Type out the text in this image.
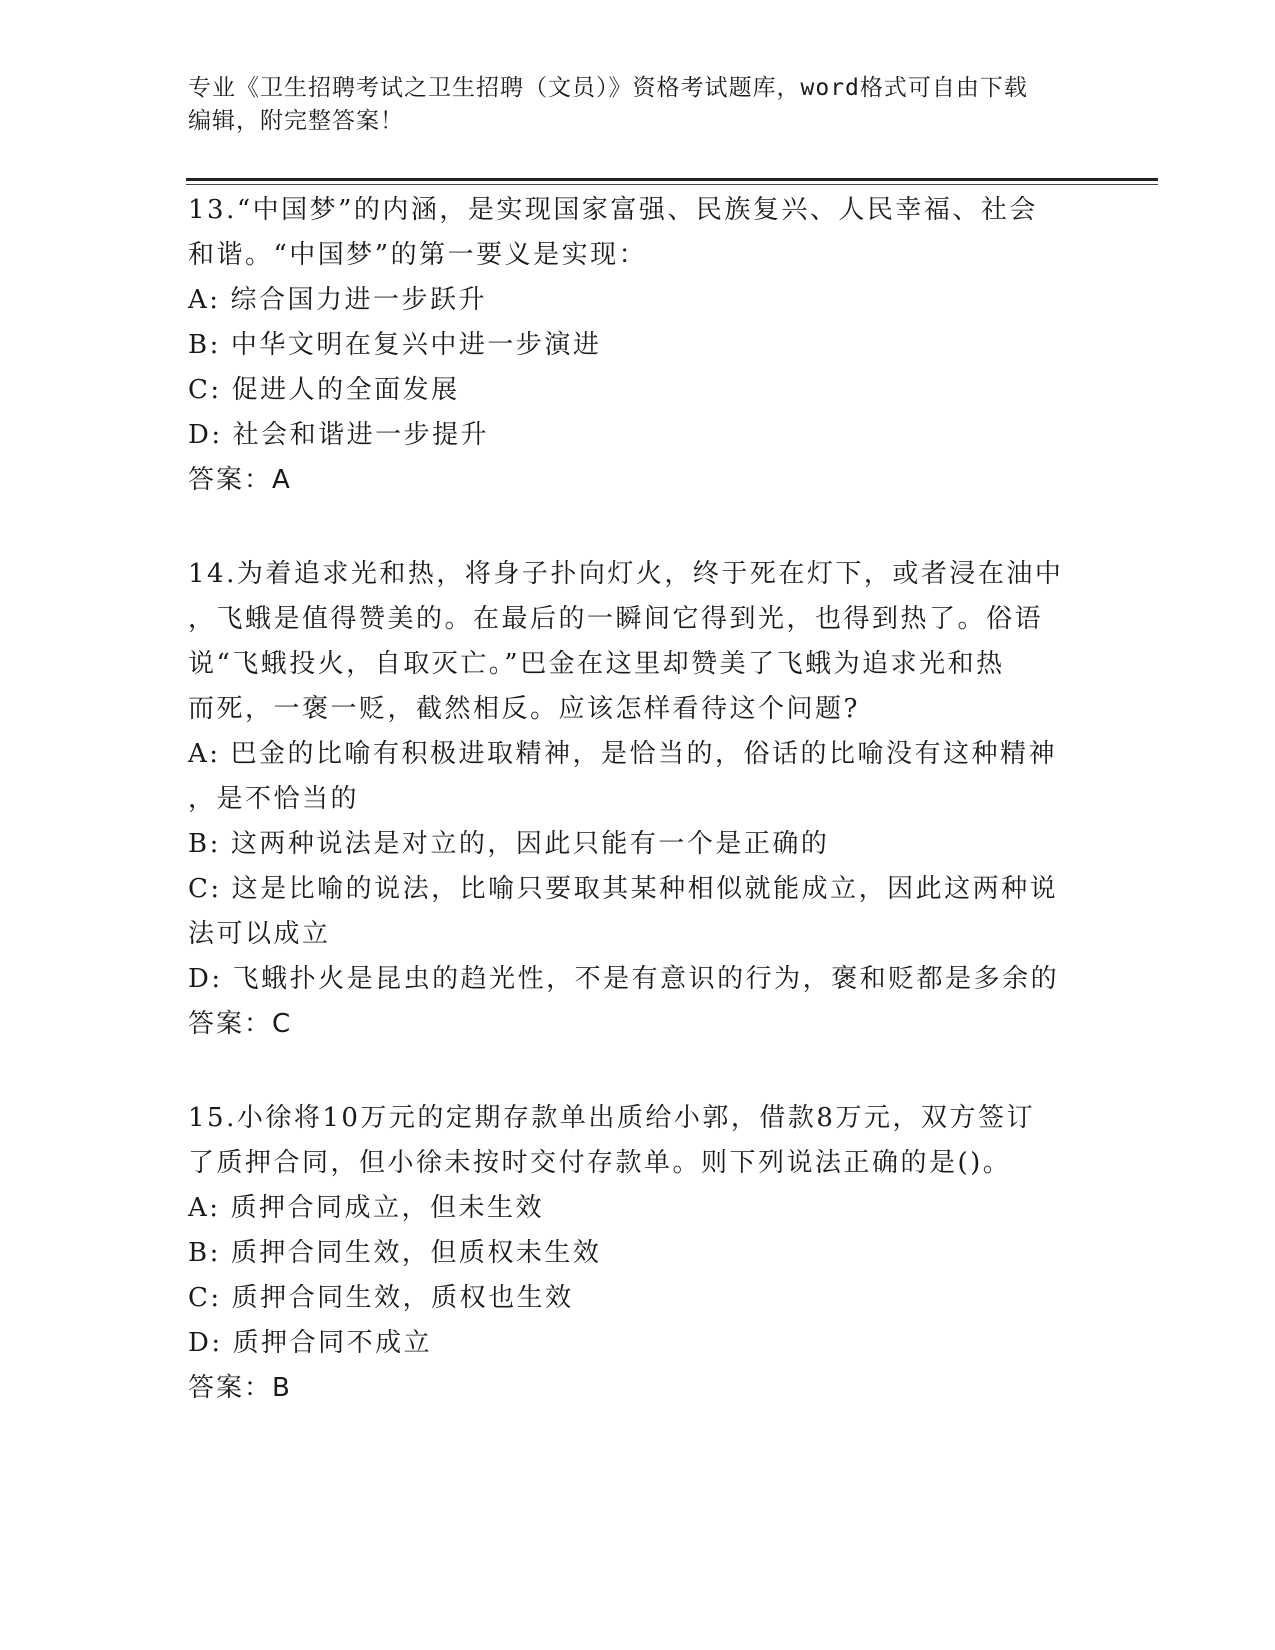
专业《卫生招聘考试之卫生招聘（文员）》资格考试题库，word格式可自由下载
编辑，附完整答案！

13.“中国梦”的内涵，是实现国家富强、民族复兴、人民幸福、社会

和谐。“中国梦”的第一要义是实现：

A: 综合国力进一步跃升

B: 中华文明在复兴中进一步演进

C: 促进人的全面发展

D: 社会和谐进一步提升

答案：A

14.为着追求光和热，将身子扑向灯火，终于死在灯下，或者浸在油中

，飞蛾是值得赞美的。在最后的一瞬间它得到光，也得到热了。俗语

说“飞蛾投火，自取灭亡。”巴金在这里却赞美了飞蛾为追求光和热

而死，一褒一贬，截然相反。应该怎样看待这个问题?

A: 巴金的比喻有积极进取精神，是恰当的，俗话的比喻没有这种精神

，是不恰当的

B: 这两种说法是对立的，因此只能有一个是正确的

C: 这是比喻的说法，比喻只要取其某种相似就能成立，因此这两种说

法可以成立

D: 飞蛾扑火是昆虫的趋光性，不是有意识的行为，褒和贬都是多余的

答案：C

15.小徐将10万元的定期存款单出质给小郭，借款8万元，双方签订

了质押合同，但小徐未按时交付存款单。则下列说法正确的是()。

A: 质押合同成立，但未生效

B: 质押合同生效，但质权未生效

C: 质押合同生效，质权也生效

D: 质押合同不成立

答案：B
